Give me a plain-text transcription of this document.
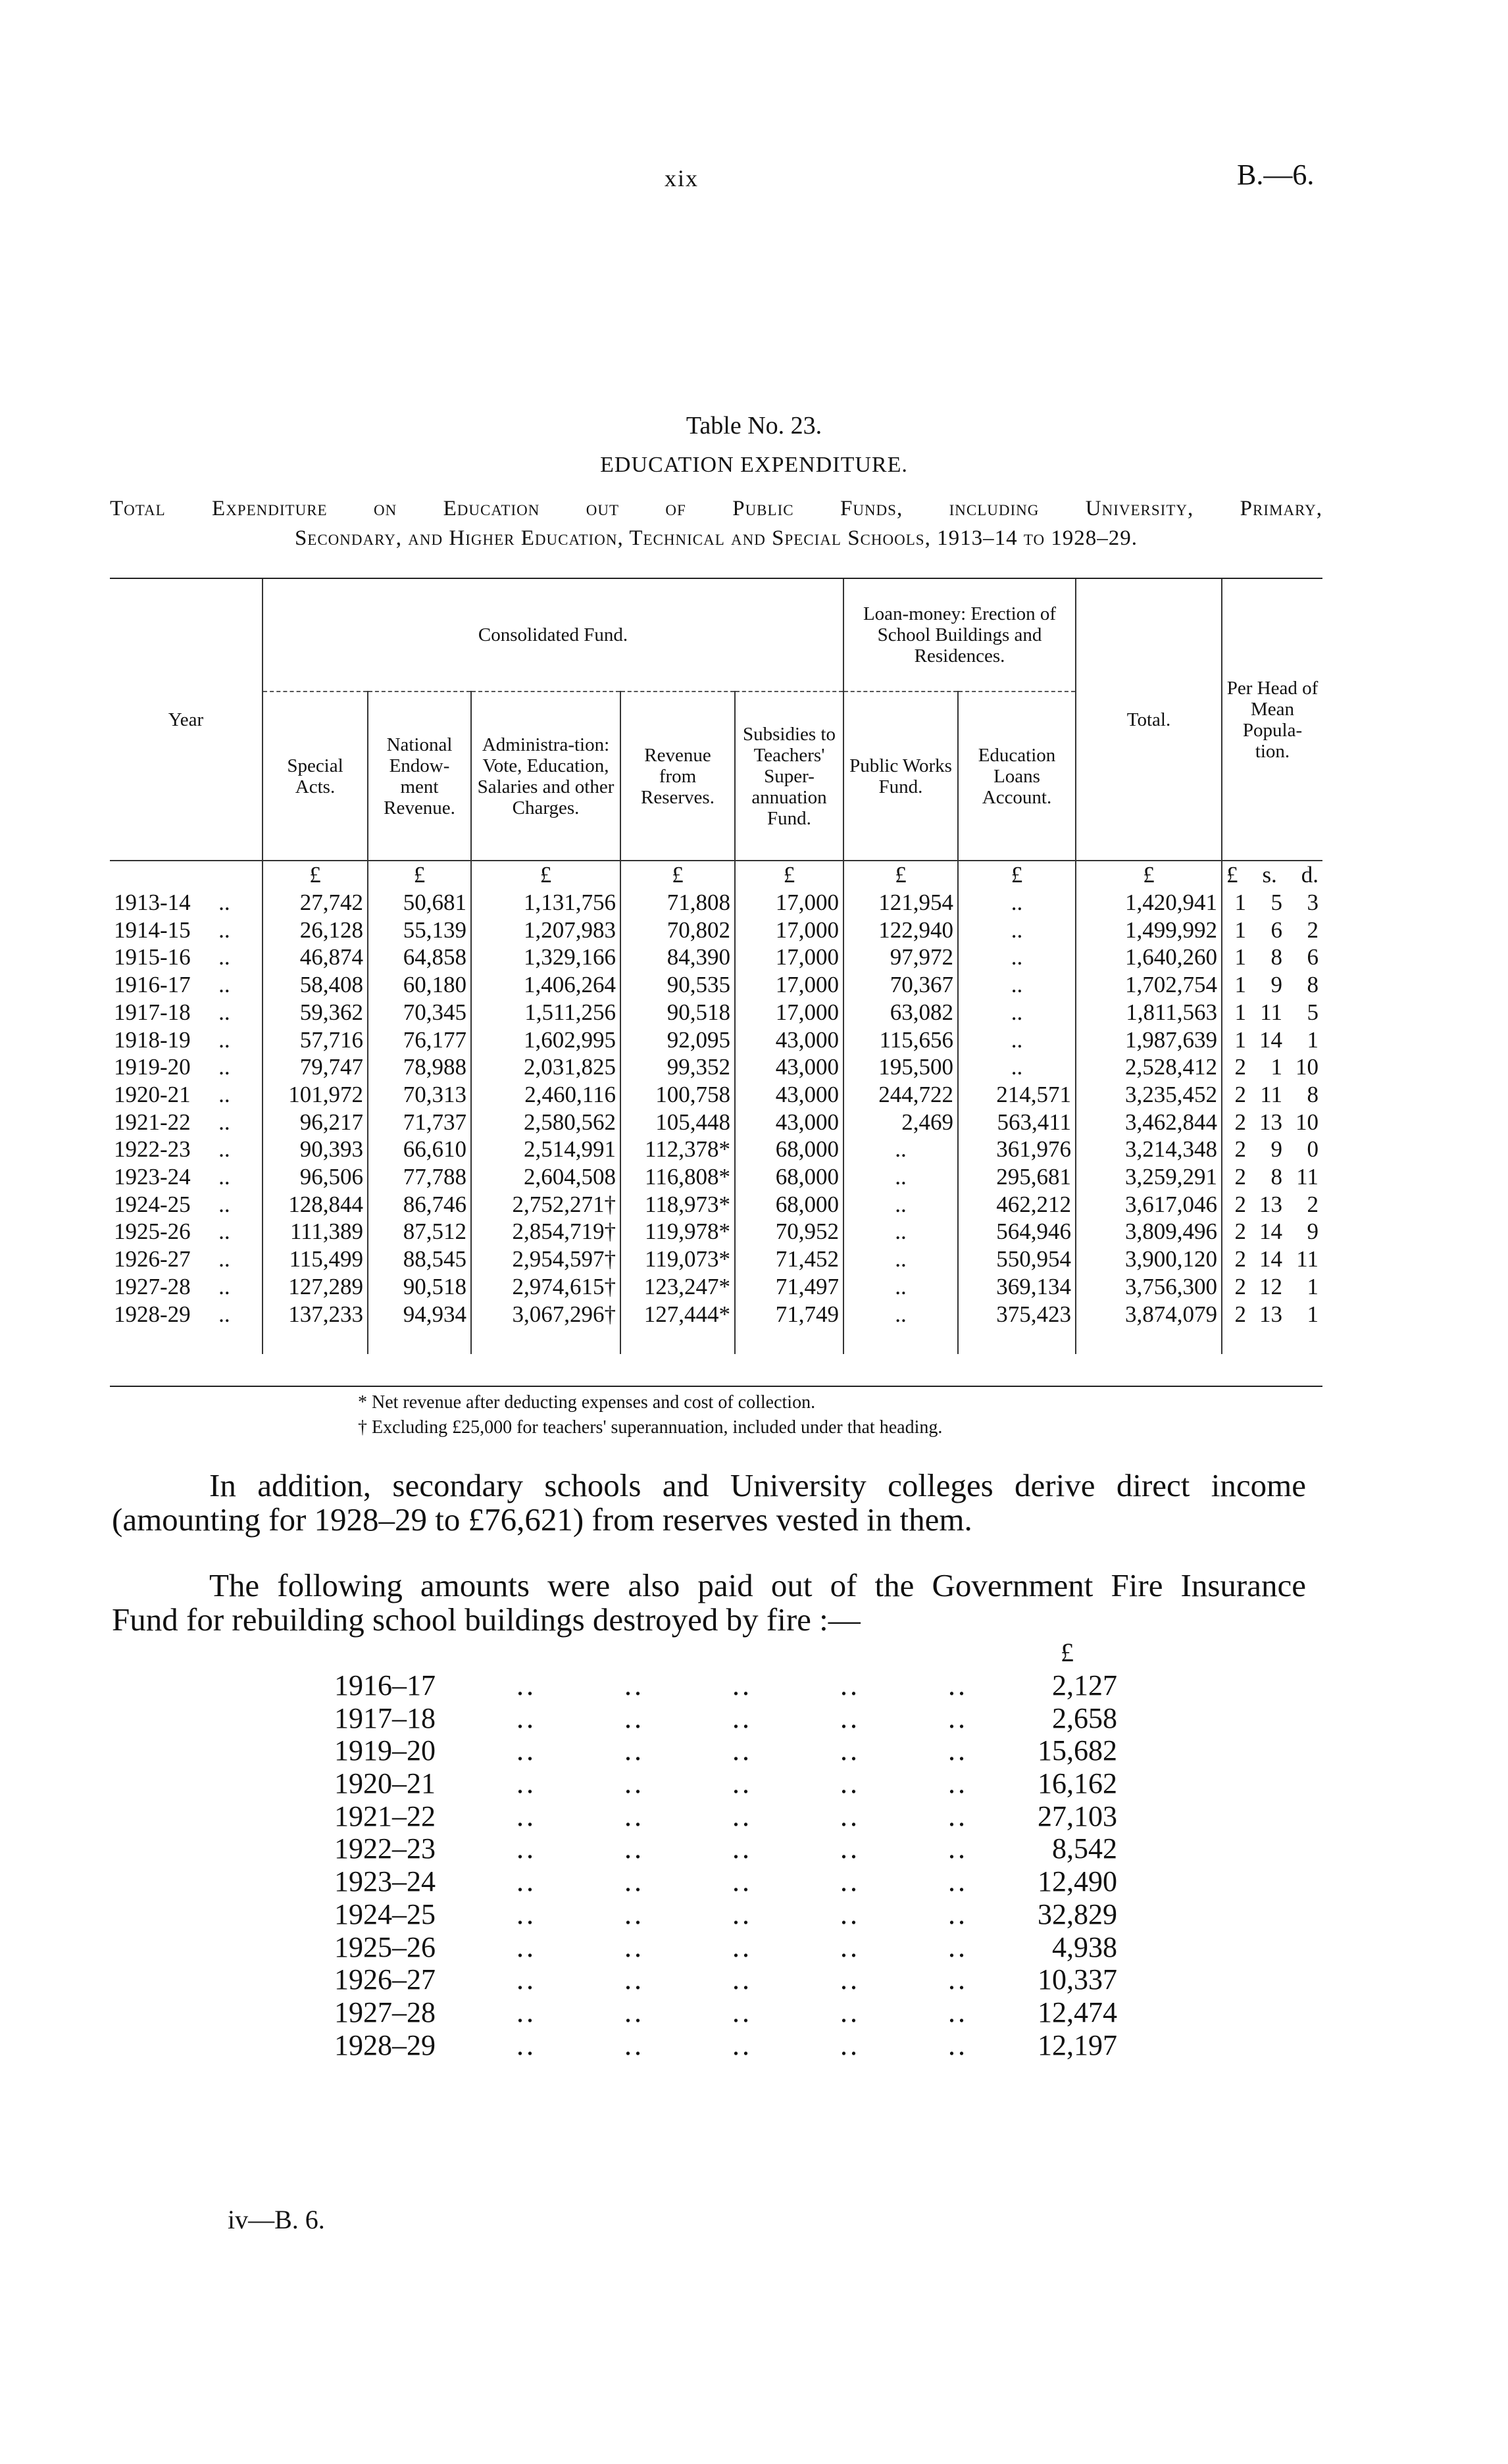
xix	B.—6.
Table No. 23.
EDUCATION EXPENDITURE.
Total Expenditure on Education out of Public Funds, including University, Primary,
Secondary, and Higher Education, Technical and Special Schools, 1913–14 to 1928–29.
Year	Consolidated Fund.					Loan-money: Erection of School Buildings and Residences.		Total.	Per Head of Mean Popula-tion.
	Special Acts.	National Endow-ment Revenue.	Administra-tion: Vote, Education, Salaries and other Charges.	Revenue from Reserves.	Subsidies to Teachers' Super-annuation Fund.	Public Works Fund.	Education Loans Account.		
	£	£	£	£	£	£	£	£	£ s. d.

1913-14 ..	27,742	50,681	1,131,756	71,808	17,000	121,954	..	1,420,941	1 5 3

1914-15 ..	26,128	55,139	1,207,983	70,802	17,000	122,940	..	1,499,992	1 6 2

1915-16 ..	46,874	64,858	1,329,166	84,390	17,000	97,972	..	1,640,260	1 8 6

1916-17 ..	58,408	60,180	1,406,264	90,535	17,000	70,367	..	1,702,754	1 9 8

1917-18 ..	59,362	70,345	1,511,256	90,518	17,000	63,082	..	1,811,563	1 11 5

1918-19 ..	57,716	76,177	1,602,995	92,095	43,000	115,656	..	1,987,639	1 14 1

1919-20 ..	79,747	78,988	2,031,825	99,352	43,000	195,500	..	2,528,412	2 1 10

1920-21 ..	101,972	70,313	2,460,116	100,758	43,000	244,722	214,571	3,235,452	2 11 8

1921-22 ..	96,217	71,737	2,580,562	105,448	43,000	2,469	563,411	3,462,844	2 13 10

1922-23 ..	90,393	66,610	2,514,991	112,378*	68,000	..	361,976	3,214,348	2 9 0

1923-24 ..	96,506	77,788	2,604,508	116,808*	68,000	..	295,681	3,259,291	2 8 11

1924-25 ..	128,844	86,746	2,752,271†	118,973*	68,000	..	462,212	3,617,046	2 13 2

1925-26 ..	111,389	87,512	2,854,719†	119,978*	70,952	..	564,946	3,809,496	2 14 9

1926-27 ..	115,499	88,545	2,954,597†	119,073*	71,452	..	550,954	3,900,120	2 14 11

1927-28 ..	127,289	90,518	2,974,615†	123,247*	71,497	..	369,134	3,756,300	2 12 1

1928-29 ..	137,233	94,934	3,067,296†	127,444*	71,749	..	375,423	3,874,079	2 13 1

* Net revenue after deducting expenses and cost of collection.
† Excluding £25,000 for teachers' superannuation, included under that heading.
In addition, secondary schools and University colleges derive direct income (amounting for 1928–29 to £76,621) from reserves vested in them.
The following amounts were also paid out of the Government Fire Insurance
Fund for rebuilding school buildings destroyed by fire :—
£
1916–17	..	..	..	..	..	2,127
1917–18	..	..	..	..	..	2,658
1919–20	..	..	..	..	..	15,682
1920–21	..	..	..	..	..	16,162
1921–22	..	..	..	..	..	27,103
1922–23	..	..	..	..	..	8,542
1923–24	..	..	..	..	..	12,490
1924–25	..	..	..	..	..	32,829
1925–26	..	..	..	..	..	4,938
1926–27	..	..	..	..	..	10,337
1927–28	..	..	..	..	..	12,474
1928–29	..	..	..	..	..	12,197
iv—B. 6.
